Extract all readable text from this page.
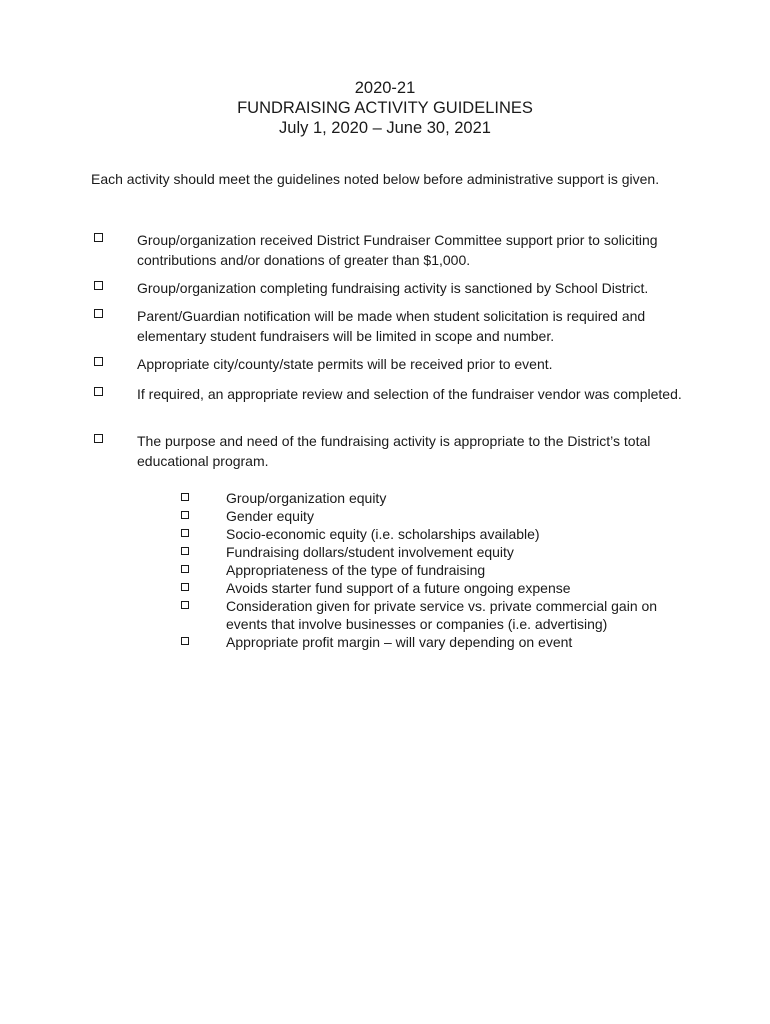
2020-21
FUNDRAISING ACTIVITY GUIDELINES
July 1, 2020 – June 30, 2021
Each activity should meet the guidelines noted below before administrative support is given.
Group/organization received District Fundraiser Committee support prior to soliciting contributions and/or donations of greater than $1,000.
Group/organization completing fundraising activity is sanctioned by School District.
Parent/Guardian notification will be made when student solicitation is required and elementary student fundraisers will be limited in scope and number.
Appropriate city/county/state permits will be received prior to event.
If required, an appropriate review and selection of the fundraiser vendor was completed.
The purpose and need of the fundraising activity is appropriate to the District’s total educational program.
Group/organization equity
Gender equity
Socio-economic equity (i.e. scholarships available)
Fundraising dollars/student involvement equity
Appropriateness of the type of fundraising
Avoids starter fund support of a future ongoing expense
Consideration given for private service vs. private commercial gain on events that involve businesses or companies (i.e. advertising)
Appropriate profit margin – will vary depending on event
